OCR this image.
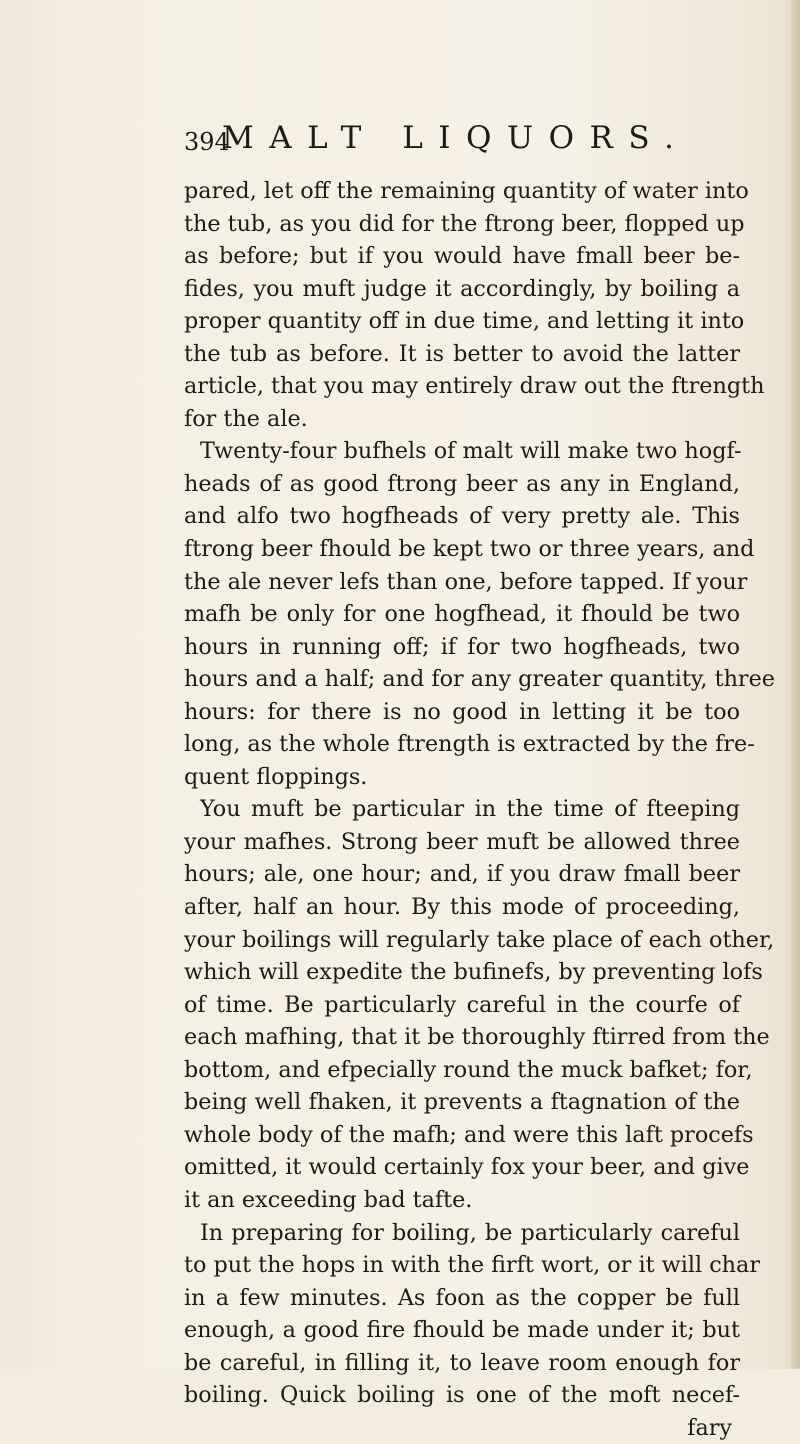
394
MALT LIQUORS.
pared, let off the remaining quantity of water into
the tub, as you did for the ftrong beer, flopped up
as before; but if you would have fmall beer be-
fides, you muft judge it accordingly, by boiling a
proper quantity off in due time, and letting it into
the tub as before. It is better to avoid the latter
article, that you may entirely draw out the ftrength
for the ale.
Twenty-four bufhels of malt will make two hogf-
heads of as good ftrong beer as any in England,
and alfo two hogfheads of very pretty ale. This
ftrong beer fhould be kept two or three years, and
the ale never lefs than one, before tapped. If your
mafh be only for one hogfhead, it fhould be two
hours in running off; if for two hogfheads, two
hours and a half; and for any greater quantity, three
hours: for there is no good in letting it be too
long, as the whole ftrength is extracted by the fre-
quent floppings.
You muft be particular in the time of fteeping
your mafhes. Strong beer muft be allowed three
hours; ale, one hour; and, if you draw fmall beer
after, half an hour. By this mode of proceeding,
your boilings will regularly take place of each other,
which will expedite the bufinefs, by preventing lofs
of time. Be particularly careful in the courfe of
each mafhing, that it be thoroughly ftirred from the
bottom, and efpecially round the muck bafket; for,
being well fhaken, it prevents a ftagnation of the
whole body of the mafh; and were this laft procefs
omitted, it would certainly fox your beer, and give
it an exceeding bad tafte.
In preparing for boiling, be particularly careful
to put the hops in with the firft wort, or it will char
in a few minutes. As foon as the copper be full
enough, a good fire fhould be made under it; but
be careful, in filling it, to leave room enough for
boiling. Quick boiling is one of the moft necef-
fary
